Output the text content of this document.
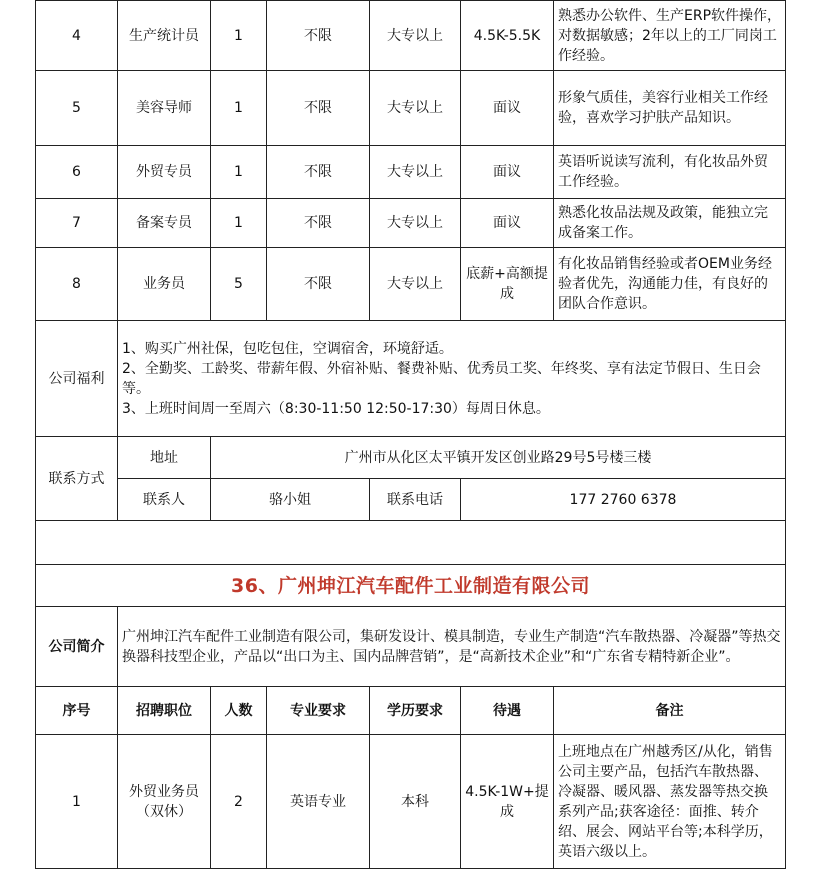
4	生产统计员	1	不限	大专以上	4.5K-5.5K	熟悉办公软件、生产ERP软件操作，对数据敏感；2年以上的工厂同岗工作经验。
5	美容导师	1	不限	大专以上	面议	形象气质佳，美容行业相关工作经验，喜欢学习护肤产品知识。
6	外贸专员	1	不限	大专以上	面议	英语听说读写流利，有化妆品外贸工作经验。
7	备案专员	1	不限	大专以上	面议	熟悉化妆品法规及政策，能独立完成备案工作。
8	业务员	5	不限	大专以上	底薪+高额提成	有化妆品销售经验或者OEM业务经验者优先，沟通能力佳，有良好的团队合作意识。
公司福利	1、购买广州社保，包吃包住，空调宿舍，环境舒适。
2、全勤奖、工龄奖、带薪年假、外宿补贴、餐费补贴、优秀员工奖、年终奖、享有法定节假日、生日会等。
3、上班时间周一至周六（8:30-11:50 12:50-17:30）每周日休息。					

联系方式	地址	广州市从化区太平镇开发区创业路29号5号楼三楼				
	联系人	骆小姐		联系电话	177 2760 6378	

36、广州坤江汽车配件工业制造有限公司						
公司简介	广州坤江汽车配件工业制造有限公司，集研发设计、模具制造，专业生产制造“汽车散热器、冷凝器”等热交换器科技型企业，产品以“出口为主、国内品牌营销”，是“高新技术企业”和“广东省专精特新企业”。					
序号	招聘职位	人数	专业要求	学历要求	待遇	备注
1	外贸业务员（双休）	2	英语专业	本科	4.5K-1W+提成	上班地点在广州越秀区/从化，销售公司主要产品，包括汽车散热器、冷凝器、暖风器、蒸发器等热交换系列产品;获客途径：面推、转介绍、展会、网站平台等;本科学历，英语六级以上。
